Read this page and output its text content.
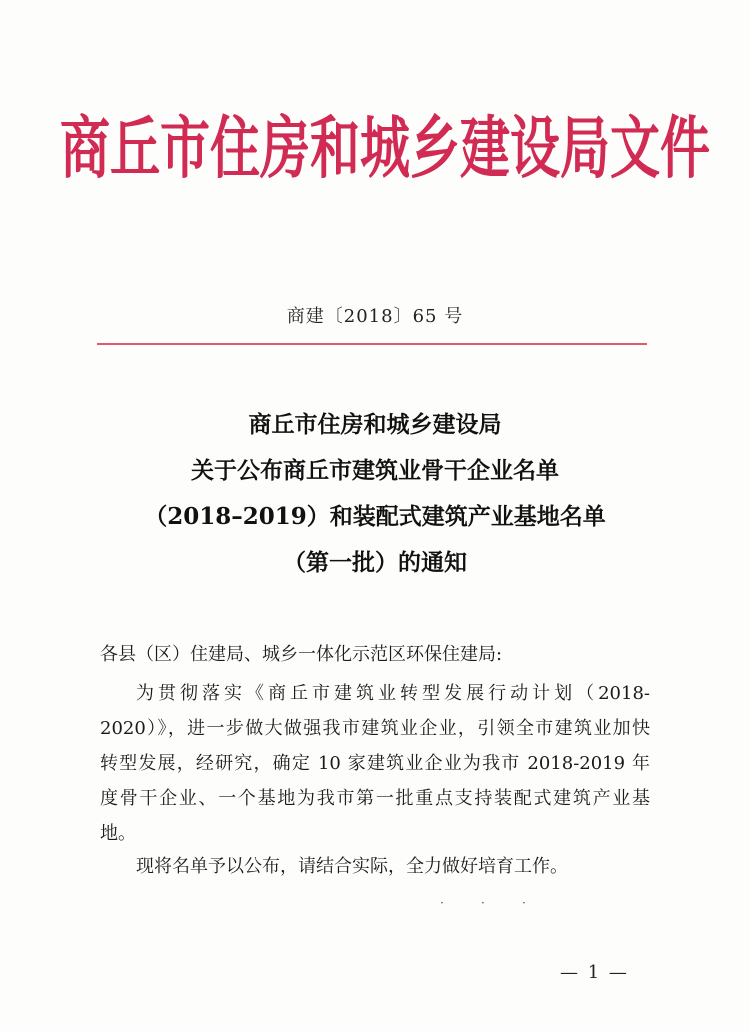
商丘市住房和城乡建设局文件
商建〔2018〕65 号
商丘市住房和城乡建设局
关于公布商丘市建筑业骨干企业名单
（2018–2019）和装配式建筑产业基地名单
（第一批）的通知
各县（区）住建局、城乡一体化示范区环保住建局:
为贯彻落实《商丘市建筑业转型发展行动计划（2018-
2020）》，进一步做大做强我市建筑业企业，引领全市建筑业加快
转型发展，经研究，确定 10 家建筑业企业为我市 2018-2019 年
度骨干企业、一个基地为我市第一批重点支持装配式建筑产业基
地。
现将名单予以公布，请结合实际，全力做好培育工作。
· · ·
— 1 —
